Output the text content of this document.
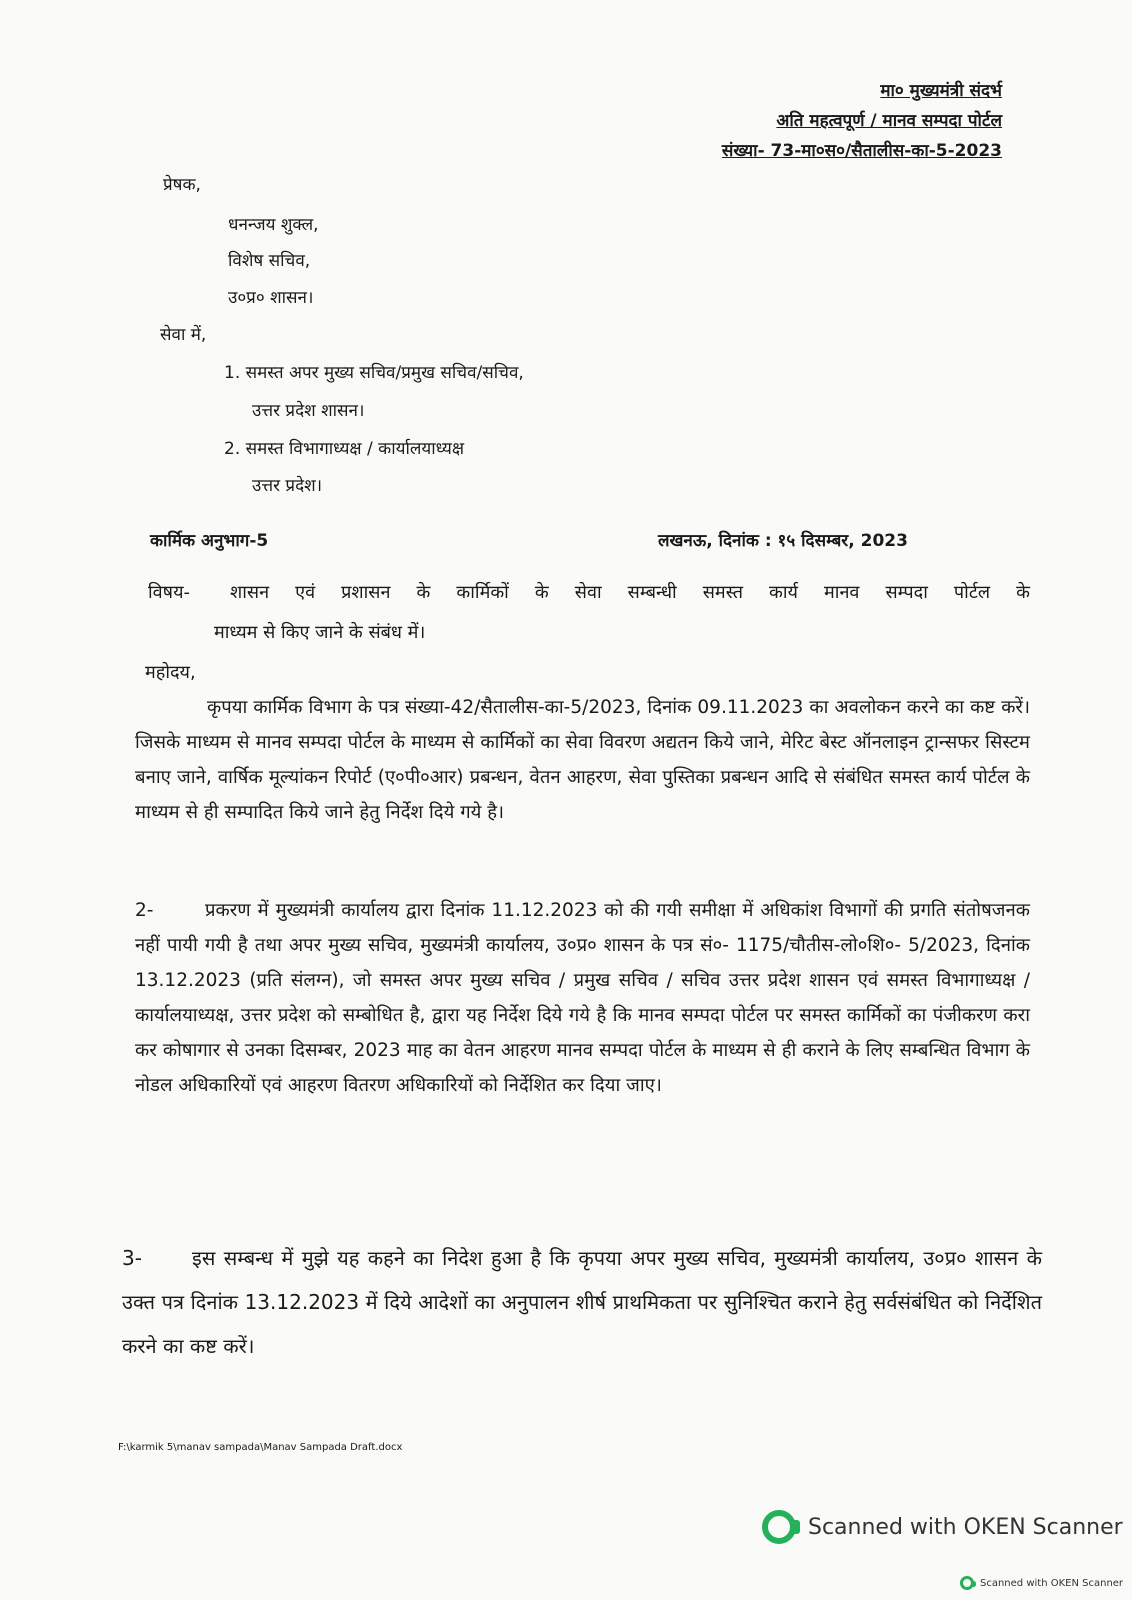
मा० मुख्यमंत्री संदर्भ
अति महत्वपूर्ण / मानव सम्पदा पोर्टल
संख्या- 73-मा०स०/सैतालीस-का-5-2023
प्रेषक,
धनन्जय शुक्ल,
विशेष सचिव,
उ०प्र० शासन।
सेवा में,
1. समस्त अपर मुख्य सचिव/प्रमुख सचिव/सचिव,
उत्तर प्रदेश शासन।
2. समस्त विभागाध्यक्ष / कार्यालयाध्यक्ष
उत्तर प्रदेश।
कार्मिक अनुभाग-5	लखनऊ, दिनांक : १५ दिसम्बर, 2023
विषय- शासन एवं प्रशासन के कार्मिकों के सेवा सम्बन्धी समस्त कार्य मानव सम्पदा पोर्टल के
माध्यम से किए जाने के संबंध में।
महोदय,
कृपया कार्मिक विभाग के पत्र संख्या-42/सैतालीस-का-5/2023, दिनांक 09.11.2023 का अवलोकन करने का कष्ट करें। जिसके माध्यम से मानव सम्पदा पोर्टल के माध्यम से कार्मिकों का सेवा विवरण अद्यतन किये जाने, मेरिट बेस्ट ऑनलाइन ट्रान्सफर सिस्टम बनाए जाने, वार्षिक मूल्यांकन रिपोर्ट (ए०पी०आर) प्रबन्धन, वेतन आहरण, सेवा पुस्तिका प्रबन्धन आदि से संबंधित समस्त कार्य पोर्टल के माध्यम से ही सम्पादित किये जाने हेतु निर्देश दिये गये है।
2-	प्रकरण में मुख्यमंत्री कार्यालय द्वारा दिनांक 11.12.2023 को की गयी समीक्षा में अधिकांश विभागों की प्रगति संतोषजनक नहीं पायी गयी है तथा अपर मुख्य सचिव, मुख्यमंत्री कार्यालय, उ०प्र० शासन के पत्र सं०- 1175/चौतीस-लो०शि०- 5/2023, दिनांक 13.12.2023 (प्रति संलग्न), जो समस्त अपर मुख्य सचिव / प्रमुख सचिव / सचिव उत्तर प्रदेश शासन एवं समस्त विभागाध्यक्ष / कार्यालयाध्यक्ष, उत्तर प्रदेश को सम्बोधित है, द्वारा यह निर्देश दिये गये है कि मानव सम्पदा पोर्टल पर समस्त कार्मिकों का पंजीकरण करा कर कोषागार से उनका दिसम्बर, 2023 माह का वेतन आहरण मानव सम्पदा पोर्टल के माध्यम से ही कराने के लिए सम्बन्धित विभाग के नोडल अधिकारियों एवं आहरण वितरण अधिकारियों को निर्देशित कर दिया जाए।
3-	इस सम्बन्ध में मुझे यह कहने का निदेश हुआ है कि कृपया अपर मुख्य सचिव, मुख्यमंत्री कार्यालय, उ०प्र० शासन के उक्त पत्र दिनांक 13.12.2023 में दिये आदेशों का अनुपालन शीर्ष प्राथमिकता पर सुनिश्चित कराने हेतु सर्वसंबंधित को निर्देशित करने का कष्ट करें।
F:\karmik 5\manav sampada\Manav Sampada Draft.docx
Scanned with OKEN Scanner
Scanned with OKEN Scanner
